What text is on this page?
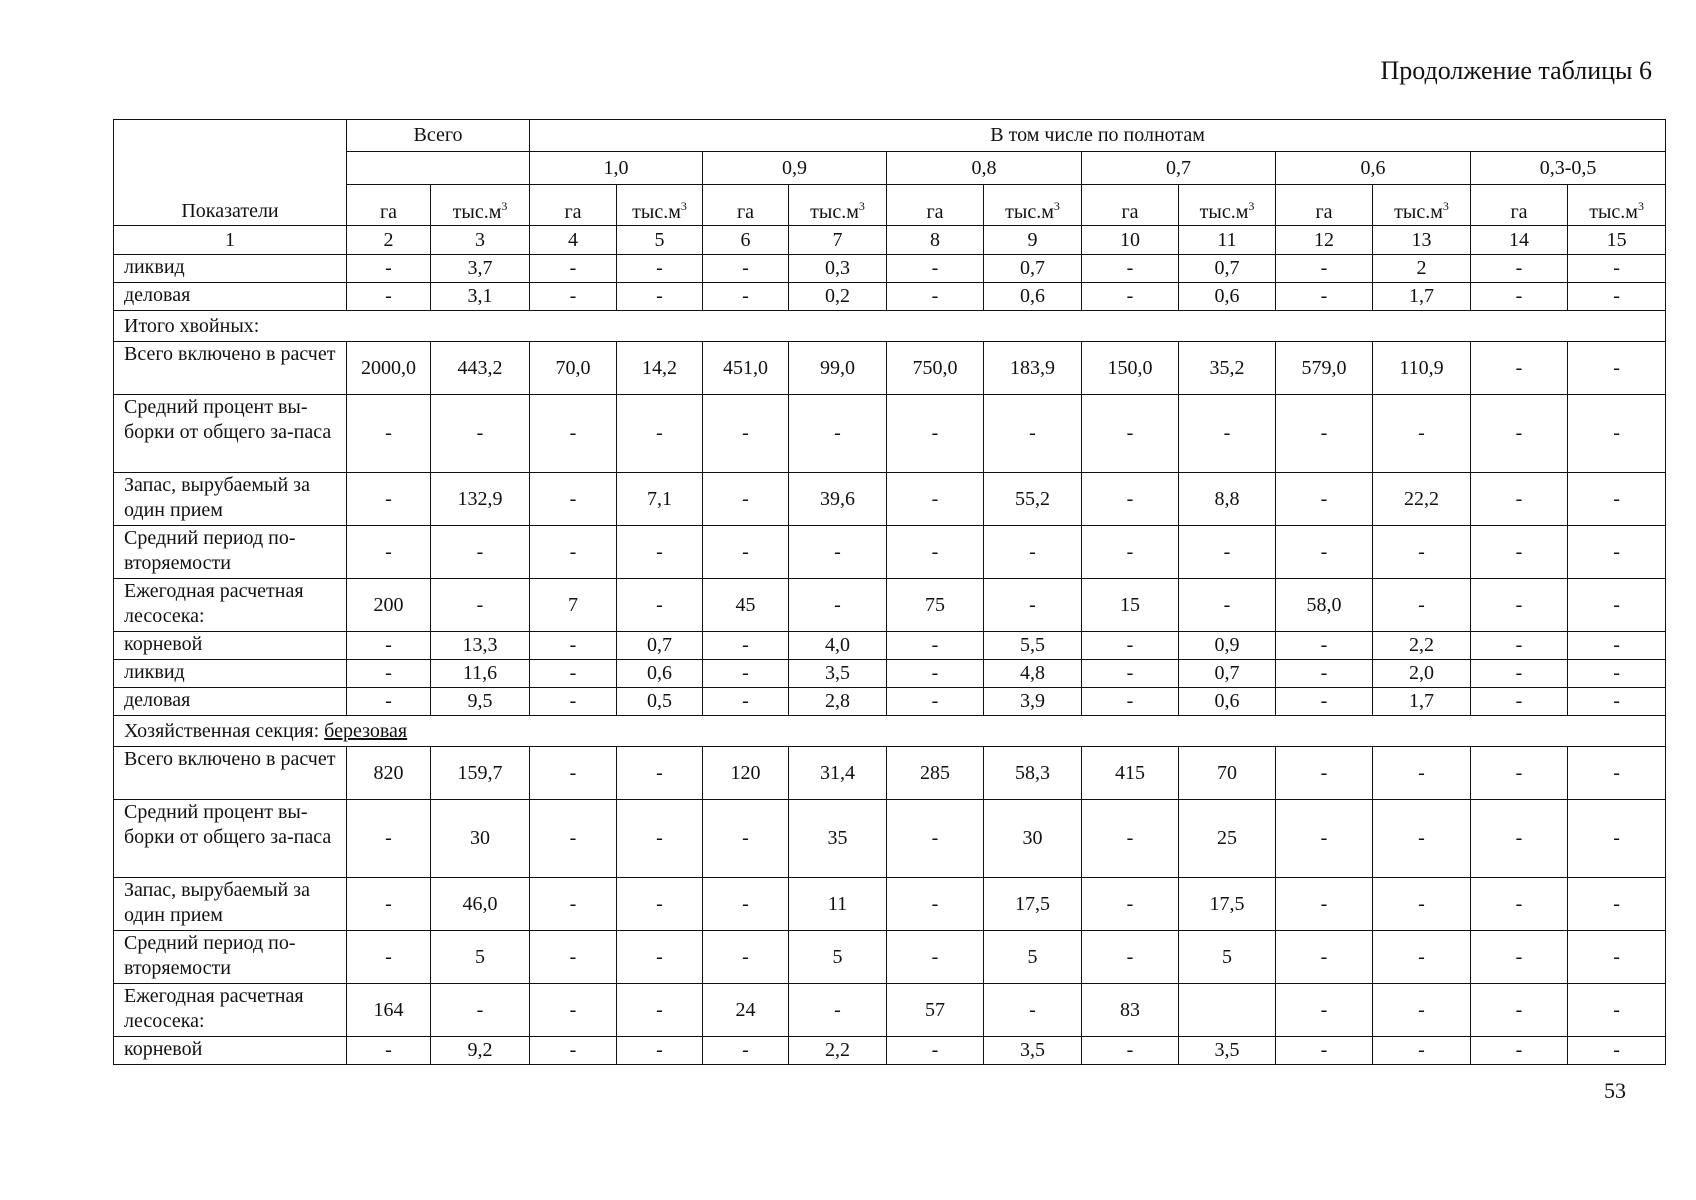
Продолжение таблицы 6
Показатели	Всего		В том числе по полнотам											
			1,0		0,9		0,8		0,7		0,6		0,3-0,5	
	га	$тыс.м^3$	га	$тыс.м^3$	га	$тыс.м^3$	га	$тыс.м^3$	га	$тыс.м^3$	га	$тыс.м^3$	га	$тыс.м^3$
1	2	3	4	5	6	7	8	9	10	11	12	13	14	15
ликвид	-	3,7	-	-	-	0,3	-	0,7	-	0,7	-	2	-	-
деловая	-	3,1	-	-	-	0,2	-	0,6	-	0,6	-	1,7	-	-
Итого хвойных:														
Всего включено в расчет	2000,0	443,2	70,0	14,2	451,0	99,0	750,0	183,9	150,0	35,2	579,0	110,9	-	-
Средний процент вы-борки от общего за-паса	-	-	-	-	-	-	-	-	-	-	-	-	-	-
Запас, вырубаемый за один прием	-	132,9	-	7,1	-	39,6	-	55,2	-	8,8	-	22,2	-	-
Средний период по-вторяемости	-	-	-	-	-	-	-	-	-	-	-	-	-	-
Ежегодная расчетная лесосека:	200	-	7	-	45	-	75	-	15	-	58,0	-	-	-
корневой	-	13,3	-	0,7	-	4,0	-	5,5	-	0,9	-	2,2	-	-
ликвид	-	11,6	-	0,6	-	3,5	-	4,8	-	0,7	-	2,0	-	-
деловая	-	9,5	-	0,5	-	2,8	-	3,9	-	0,6	-	1,7	-	-
Хозяйственная секция: березовая														
Всего включено в расчет	820	159,7	-	-	120	31,4	285	58,3	415	70	-	-	-	-
Средний процент вы-борки от общего за-паса	-	30	-	-	-	35	-	30	-	25	-	-	-	-
Запас, вырубаемый за один прием	-	46,0	-	-	-	11	-	17,5	-	17,5	-	-	-	-
Средний период по-вторяемости	-	5	-	-	-	5	-	5	-	5	-	-	-	-
Ежегодная расчетная лесосека:	164	-	-	-	24	-	57	-	83		-	-	-	-
корневой	-	9,2	-	-	-	2,2	-	3,5	-	3,5	-	-	-	-
53
